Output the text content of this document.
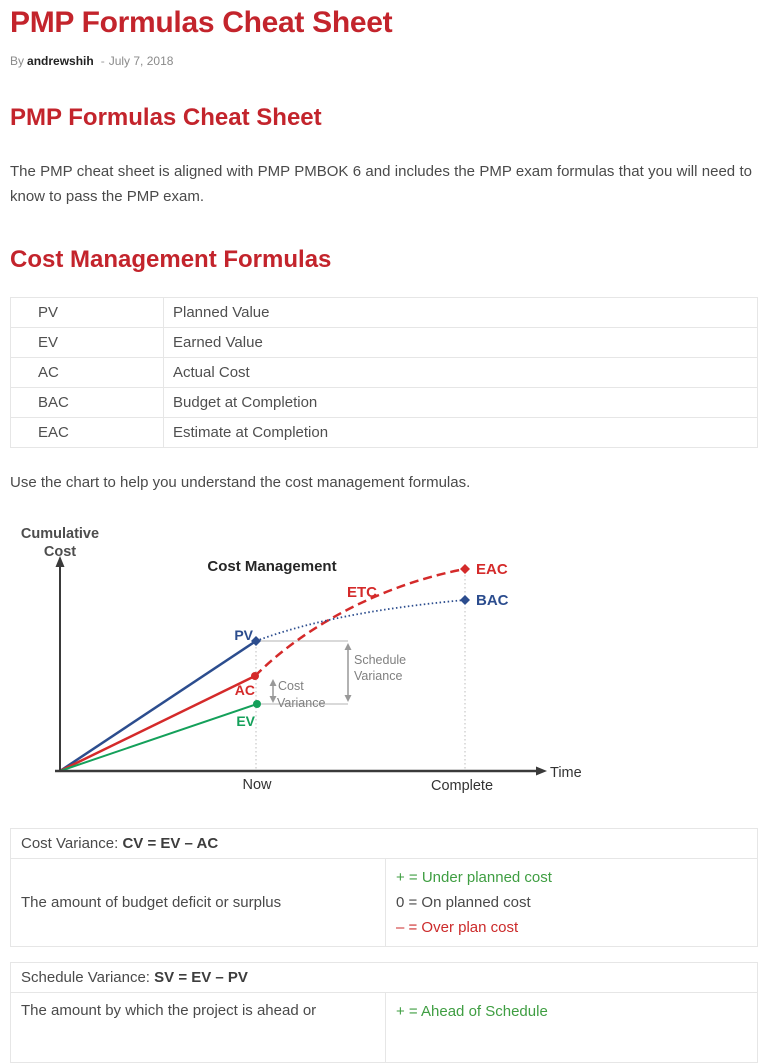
PMP Formulas Cheat Sheet
By andrewshih - July 7, 2018
PMP Formulas Cheat Sheet

The PMP cheat sheet is aligned with PMP PMBOK 6 and includes the PMP exam formulas that you will need to know to pass the PMP exam.

Cost Management Formulas
PV	Planned Value
EV	Earned Value
AC	Actual Cost
BAC	Budget at Completion
EAC	Estimate at Completion

Use the chart to help you understand the cost management formulas.

Cumulative
Cost
Cost Management
PV
AC
EV
ETC
EAC
BAC
Cost
Variance
Schedule
Variance
Now	Complete
Time
Cost Variance: CV = EV – AC
The amount of budget deficit or surplus	
+ = Under planned cost
0 = On planned cost
– = Over plan cost
Schedule Variance: SV = EV – PV
The amount by which the project is ahead or	+ = Ahead of Schedule
